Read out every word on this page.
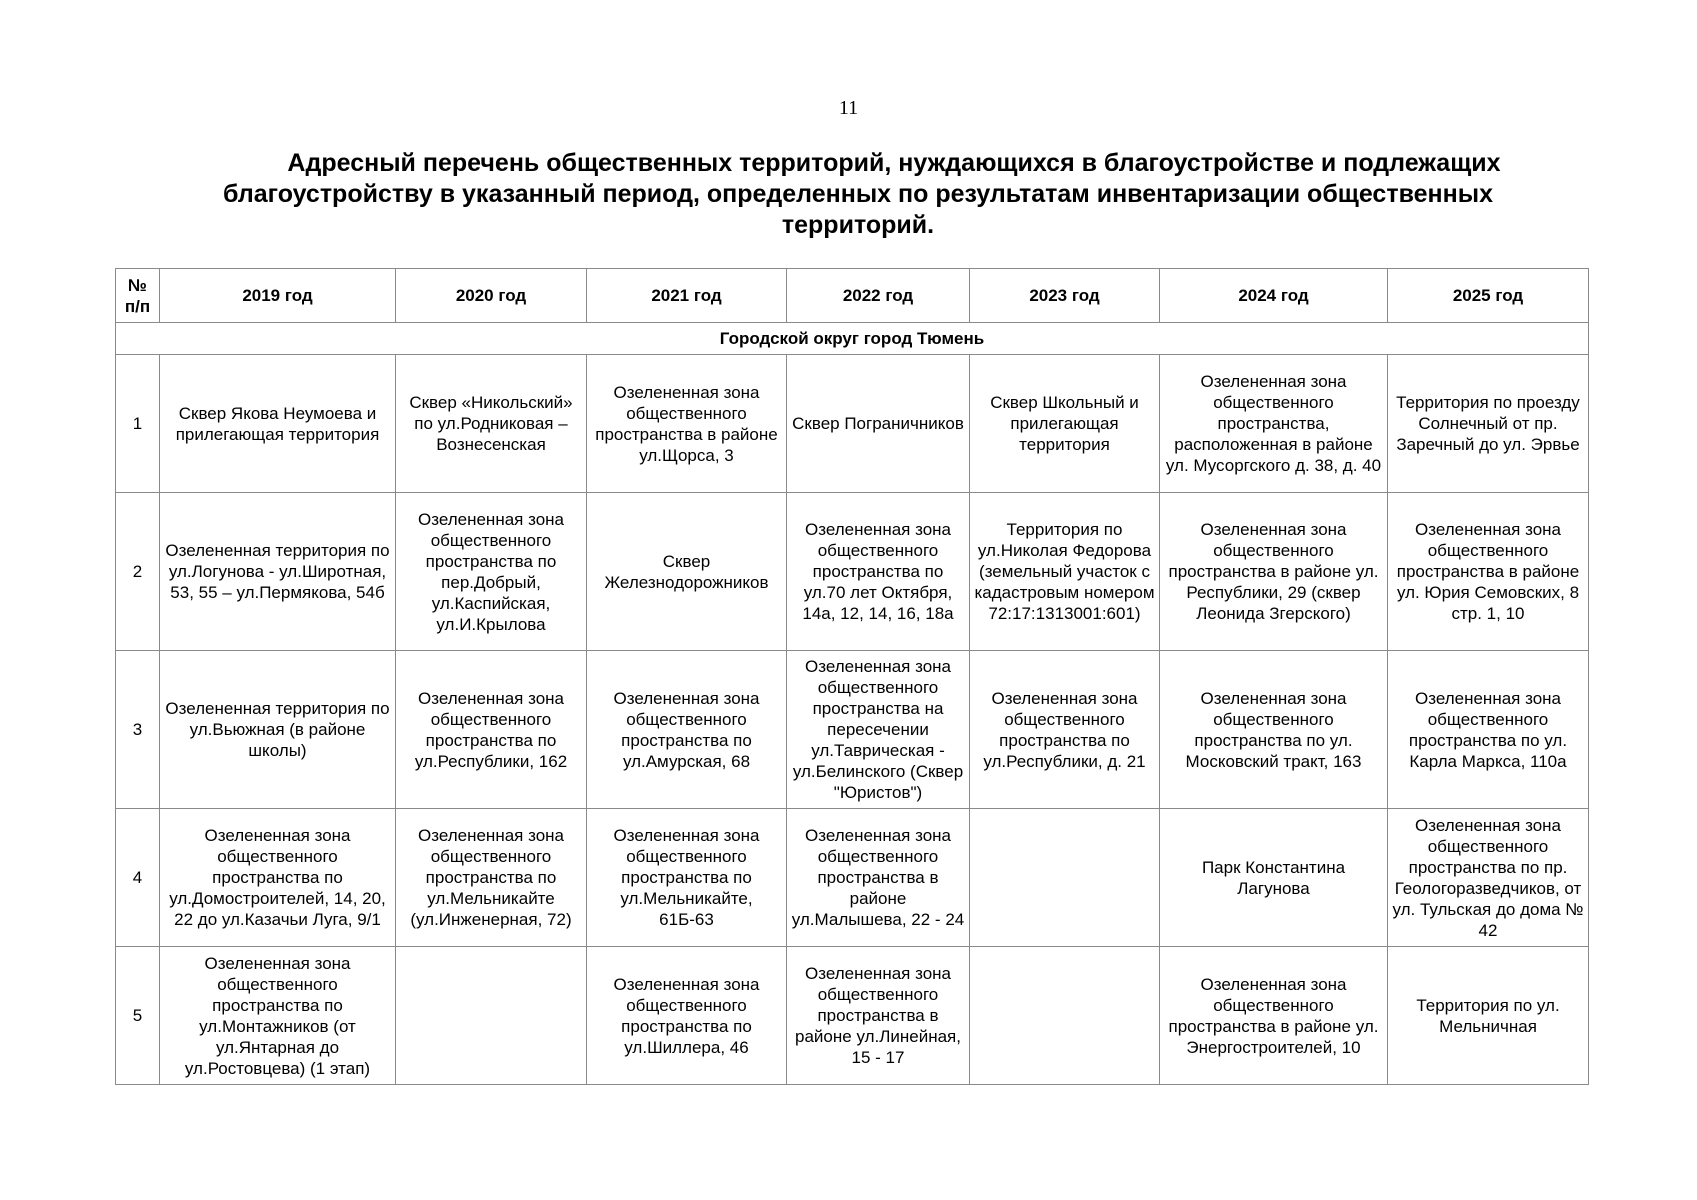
11
Адресный перечень общественных территорий, нуждающихся в благоустройстве и подлежащих благоустройству в указанный период, определенных по результатам инвентаризации общественных территорий.
№ п/п	2019 год	2020 год	2021 год	2022 год	2023 год	2024 год	2025 год
Городской округ город Тюмень							
1	Сквер Якова Неумоева и прилегающая территория	Сквер «Никольский» по ул.Родниковая – Вознесенская	Озелененная зона общественного пространства в районе ул.Щорса, 3	Сквер Пограничников	Сквер Школьный и прилегающая территория	Озелененная зона общественного пространства, расположенная в районе ул. Мусоргского д. 38, д. 40	Территория по проезду Солнечный от пр. Заречный до ул. Эрвье
2	Озелененная территория по ул.Логунова - ул.Широтная, 53, 55 – ул.Пермякова, 54б	Озелененная зона общественного пространства по пер.Добрый, ул.Каспийская, ул.И.Крылова	Сквер Железнодорожников	Озелененная зона общественного пространства по ул.70 лет Октября, 14а, 12, 14, 16, 18а	Территория по ул.Николая Федорова (земельный участок с кадастровым номером 72:17:1313001:601)	Озелененная зона общественного пространства в районе ул. Республики, 29 (сквер Леонида Згерского)	Озелененная зона общественного пространства в районе ул. Юрия Семовских, 8 стр. 1, 10
3	Озелененная территория по ул.Вьюжная (в районе школы)	Озелененная зона общественного пространства по ул.Республики, 162	Озелененная зона общественного пространства по ул.Амурская, 68	Озелененная зона общественного пространства на пересечении ул.Таврическая - ул.Белинского (Сквер "Юристов")	Озелененная зона общественного пространства по ул.Республики, д. 21	Озелененная зона общественного пространства по ул. Московский тракт, 163	Озелененная зона общественного пространства по ул. Карла Маркса, 110а
4	Озелененная зона общественного пространства по ул.Домостроителей, 14, 20, 22 до ул.Казачьи Луга, 9/1	Озелененная зона общественного пространства по ул.Мельникайте (ул.Инженерная, 72)	Озелененная зона общественного пространства по ул.Мельникайте, 61Б-63	Озелененная зона общественного пространства в районе ул.Малышева, 22 - 24		Парк Константина Лагунова	Озелененная зона общественного пространства по пр. Геологоразведчиков, от ул. Тульская до дома № 42
5	Озелененная зона общественного пространства по ул.Монтажников (от ул.Янтарная до ул.Ростовцева) (1 этап)		Озелененная зона общественного пространства по ул.Шиллера, 46	Озелененная зона общественного пространства в районе ул.Линейная, 15 - 17		Озелененная зона общественного пространства в районе ул. Энергостроителей, 10	Территория по ул. Мельничная
